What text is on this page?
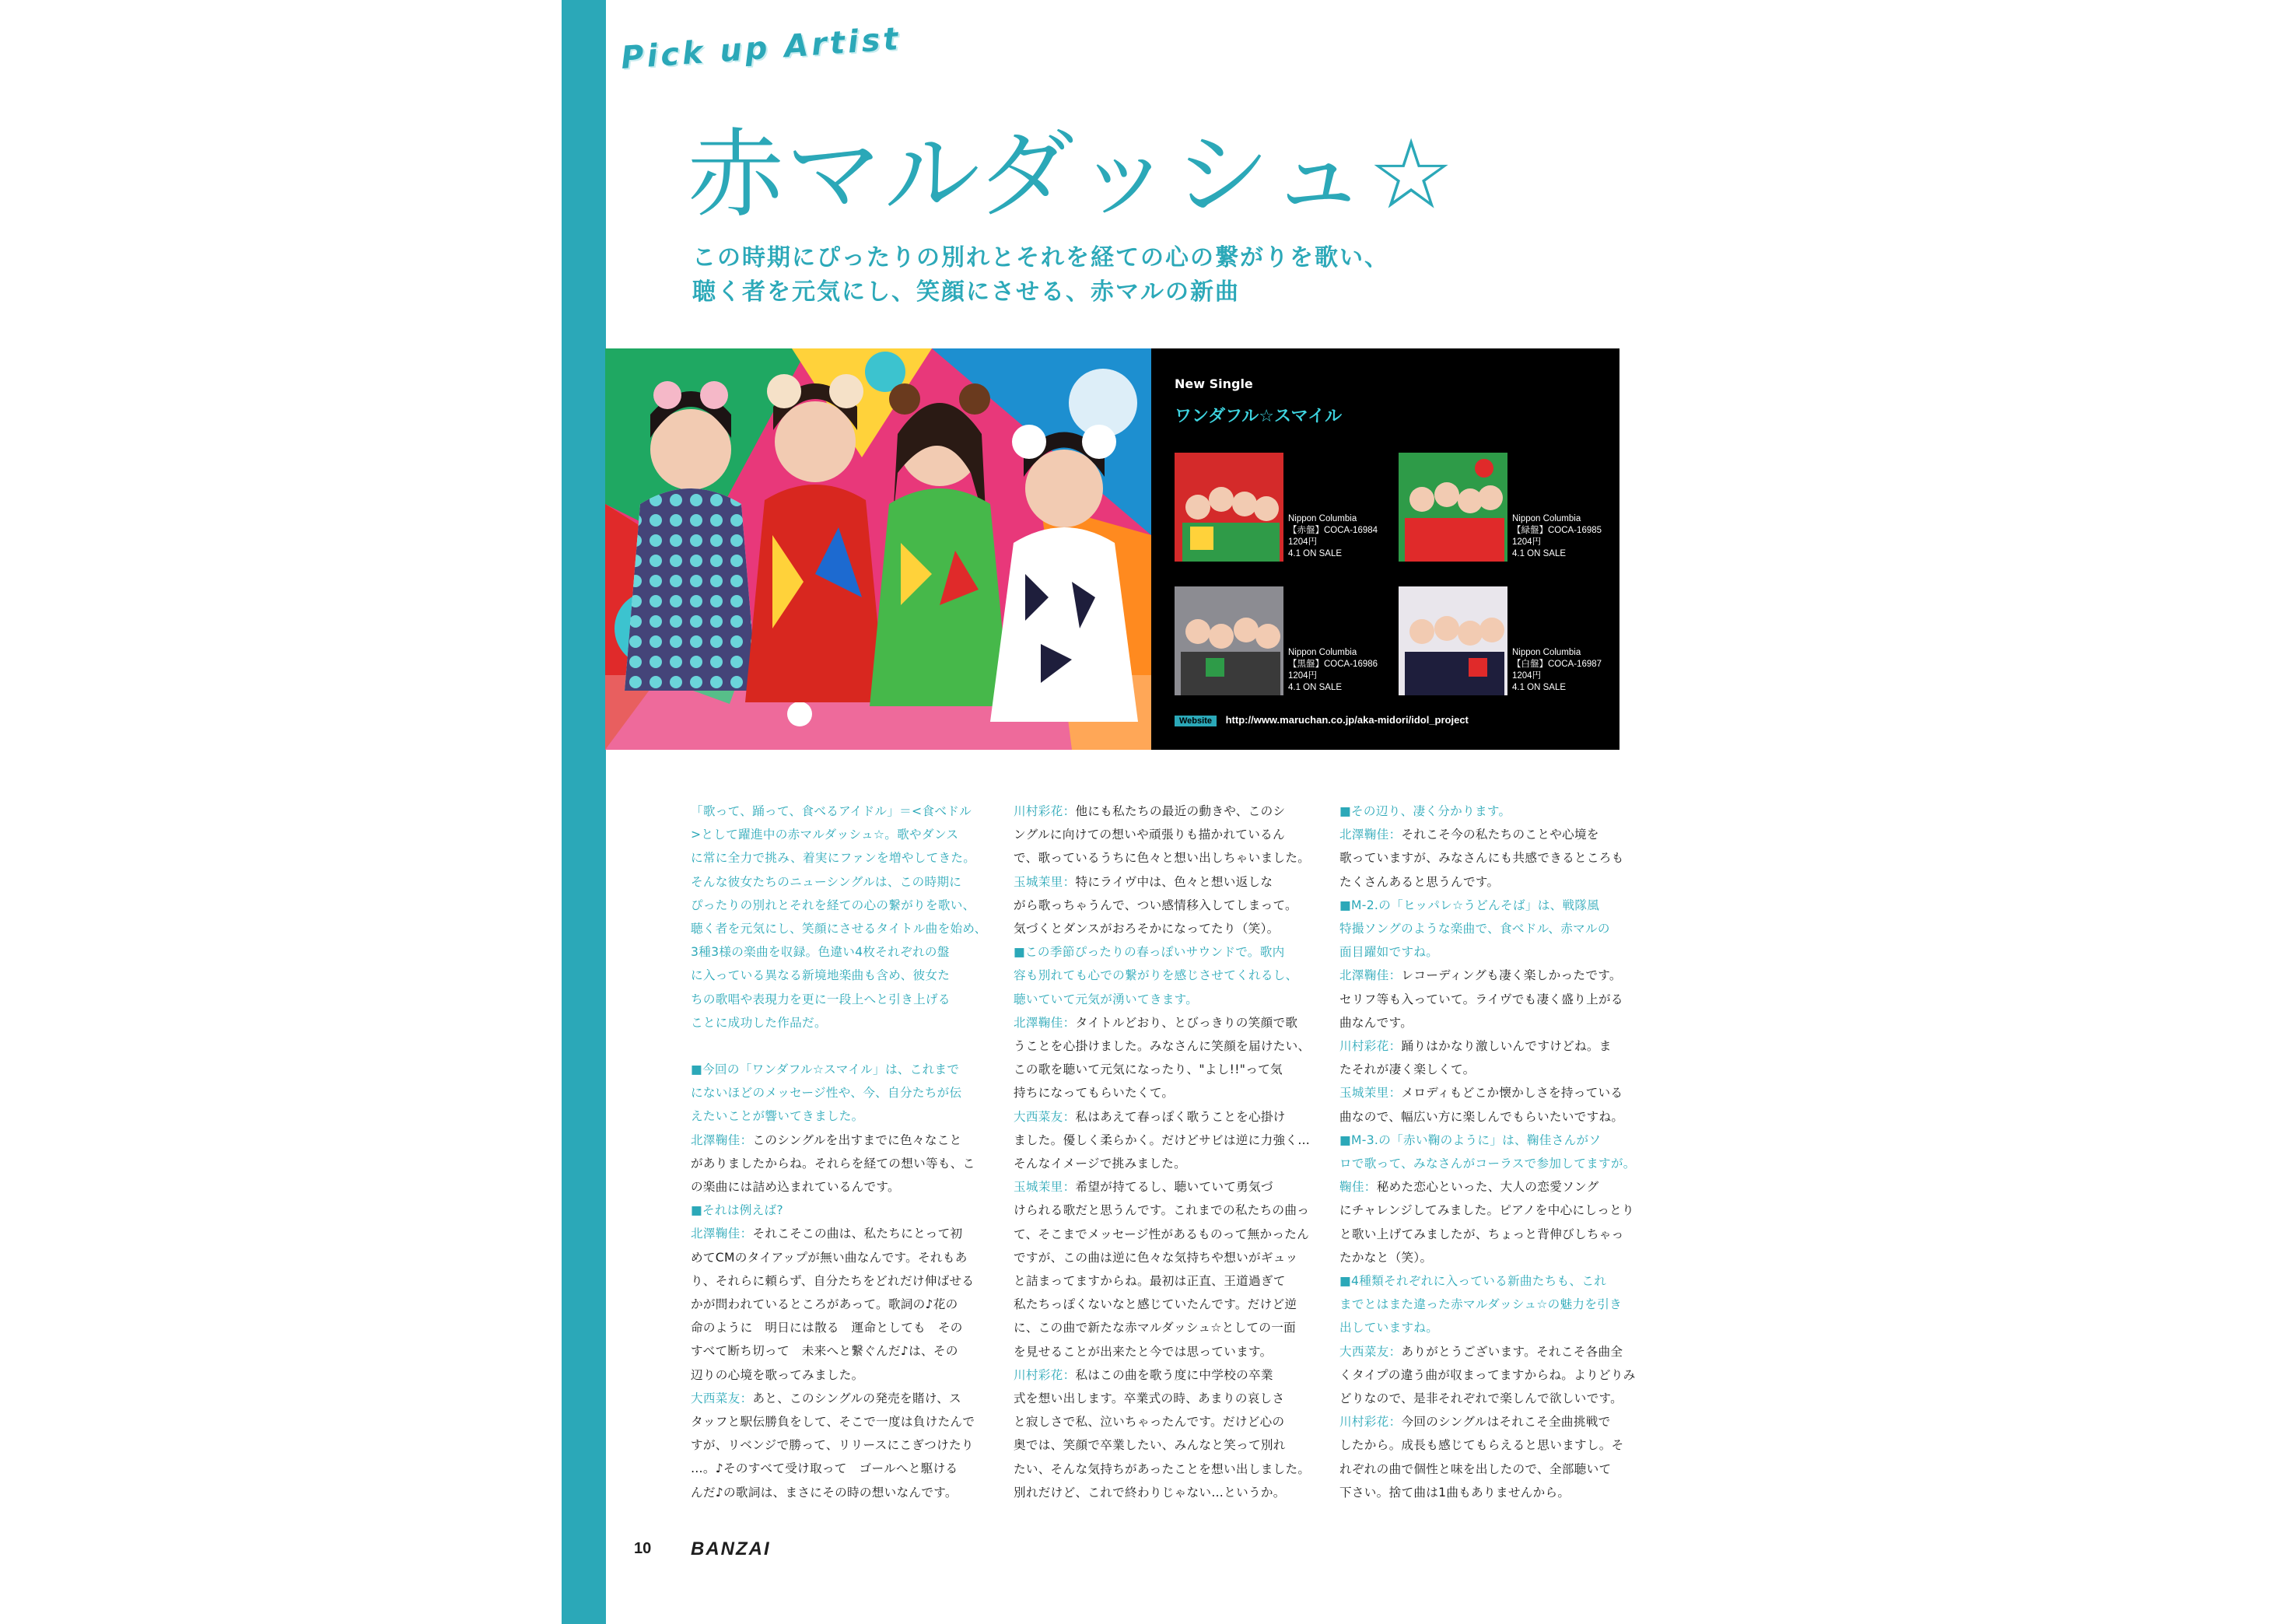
Pick up Artist
赤マルダッシュ☆
この時期にぴったりの別れとそれを経ての心の繋がりを歌い、
聴く者を元気にし、笑顔にさせる、赤マルの新曲
New Single
ワンダフル☆スマイル
Nippon Columbia
【赤盤】COCA-16984
1204円
4.1 ON SALE
Nippon Columbia
【緑盤】COCA-16985
1204円
4.1 ON SALE
Nippon Columbia
【黒盤】COCA-16986
1204円
4.1 ON SALE
Nippon Columbia
【白盤】COCA-16987
1204円
4.1 ON SALE
Website http://www.maruchan.co.jp/aka-midori/idol_project

「歌って、踊って、食べるアイドル」＝<食べドル

>として躍進中の赤マルダッシュ☆。歌やダンス

に常に全力で挑み、着実にファンを増やしてきた。

そんな彼女たちのニューシングルは、この時期に

ぴったりの別れとそれを経ての心の繋がりを歌い、

聴く者を元気にし、笑顔にさせるタイトル曲を始め、

3種3様の楽曲を収録。色違い4枚それぞれの盤

に入っている異なる新境地楽曲も含め、彼女た

ちの歌唱や表現力を更に一段上へと引き上げる

ことに成功した作品だ。

■今回の「ワンダフル☆スマイル」は、これまで

にないほどのメッセージ性や、今、自分たちが伝

えたいことが響いてきました。

北澤鞠佳：このシングルを出すまでに色々なこと

がありましたからね。それらを経ての想い等も、こ

の楽曲には詰め込まれているんです。

■それは例えば?

北澤鞠佳：それこそこの曲は、私たちにとって初

めてCMのタイアップが無い曲なんです。それもあ

り、それらに頼らず、自分たちをどれだけ伸ばせる

かが問われているところがあって。歌詞の♪花の

命のように　明日には散る　運命としても　その

すべて断ち切って　未来へと繋ぐんだ♪は、その

辺りの心境を歌ってみました。

大西菜友：あと、このシングルの発売を賭け、ス

タッフと駅伝勝負をして、そこで一度は負けたんで

すが、リベンジで勝って、リリースにこぎつけたり

…。♪そのすべて受け取って　ゴールへと駆ける

んだ♪の歌詞は、まさにその時の想いなんです。

川村彩花：他にも私たちの最近の動きや、このシ

ングルに向けての想いや頑張りも描かれているん

で、歌っているうちに色々と想い出しちゃいました。

玉城茉里：特にライヴ中は、色々と想い返しな

がら歌っちゃうんで、つい感情移入してしまって。

気づくとダンスがおろそかになってたり（笑）。

■この季節ぴったりの春っぽいサウンドで。歌内

容も別れても心での繋がりを感じさせてくれるし、

聴いていて元気が湧いてきます。

北澤鞠佳：タイトルどおり、とびっきりの笑顔で歌

うことを心掛けました。みなさんに笑顔を届けたい、

この歌を聴いて元気になったり、"よし!!"って気

持ちになってもらいたくて。

大西菜友：私はあえて春っぽく歌うことを心掛け

ました。優しく柔らかく。だけどサビは逆に力強く…

そんなイメージで挑みました。

玉城茉里：希望が持てるし、聴いていて勇気づ

けられる歌だと思うんです。これまでの私たちの曲っ

て、そこまでメッセージ性があるものって無かったん

ですが、この曲は逆に色々な気持ちや想いがギュッ

と詰まってますからね。最初は正直、王道過ぎて

私たちっぽくないなと感じていたんです。だけど逆

に、この曲で新たな赤マルダッシュ☆としての一面

を見せることが出来たと今では思っています。

川村彩花：私はこの曲を歌う度に中学校の卒業

式を想い出します。卒業式の時、あまりの哀しさ

と寂しさで私、泣いちゃったんです。だけど心の

奥では、笑顔で卒業したい、みんなと笑って別れ

たい、そんな気持ちがあったことを想い出しました。

別れだけど、これで終わりじゃない…というか。

■その辺り、凄く分かります。

北澤鞠佳：それこそ今の私たちのことや心境を

歌っていますが、みなさんにも共感できるところも

たくさんあると思うんです。

■M-2.の「ヒッパレ☆うどんそば」は、戦隊風

特撮ソングのような楽曲で、食べドル、赤マルの

面目躍如ですね。

北澤鞠佳：レコーディングも凄く楽しかったです。

セリフ等も入っていて。ライヴでも凄く盛り上がる

曲なんです。

川村彩花：踊りはかなり激しいんですけどね。ま

たそれが凄く楽しくて。

玉城茉里：メロディもどこか懐かしさを持っている

曲なので、幅広い方に楽しんでもらいたいですね。

■M-3.の「赤い鞠のように」は、鞠佳さんがソ

ロで歌って、みなさんがコーラスで参加してますが。

鞠佳：秘めた恋心といった、大人の恋愛ソング

にチャレンジしてみました。ピアノを中心にしっとり

と歌い上げてみましたが、ちょっと背伸びしちゃっ

たかなと（笑）。

■4種類それぞれに入っている新曲たちも、これ

までとはまた違った赤マルダッシュ☆の魅力を引き

出していますね。

大西菜友：ありがとうございます。それこそ各曲全

くタイプの違う曲が収まってますからね。よりどりみ

どりなので、是非それぞれで楽しんで欲しいです。

川村彩花：今回のシングルはそれこそ全曲挑戦で

したから。成長も感じてもらえると思いますし。そ

れぞれの曲で個性と味を出したので、全部聴いて

下さい。捨て曲は1曲もありませんから。

10 BANZAI
